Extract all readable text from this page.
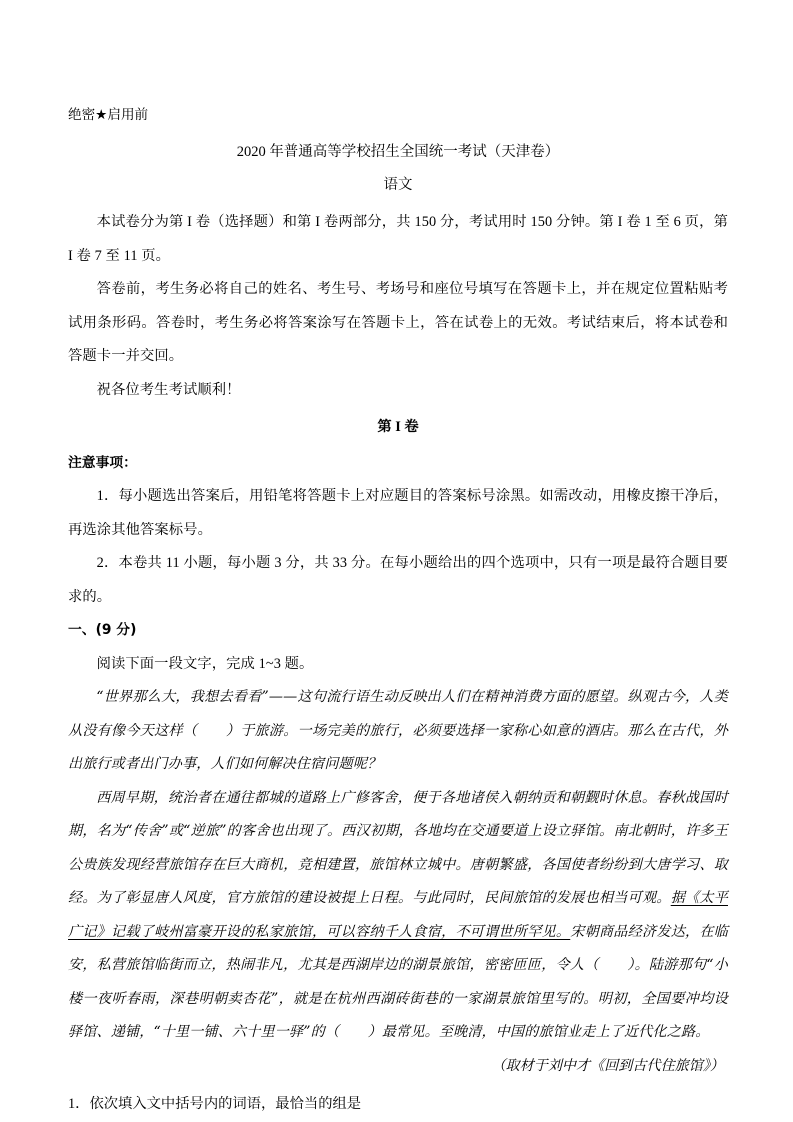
绝密★启用前

2020 年普通高等学校招生全国统一考试（天津卷）

语文

本试卷分为第 I 卷（选择题）和第 I 卷两部分，共 150 分，考试用时 150 分钟。第 I 卷 1 至 6 页，第 I 卷 7 至 11 页。

答卷前，考生务必将自己的姓名、考生号、考场号和座位号填写在答题卡上，并在规定位置粘贴考试用条形码。答卷时，考生务必将答案涂写在答题卡上，答在试卷上的无效。考试结束后，将本试卷和答题卡一并交回。

祝各位考生考试顺利！

第 I 卷

注意事项：

1．每小题选出答案后，用铅笔将答题卡上对应题目的答案标号涂黑。如需改动，用橡皮擦干净后，再选涂其他答案标号。

2．本卷共 11 小题，每小题 3 分，共 33 分。在每小题给出的四个选项中，只有一项是最符合题目要求的。

一、(9 分)

阅读下面一段文字，完成 1~3 题。

“世界那么大，我想去看看”——这句流行语生动反映出人们在精神消费方面的愿望。纵观古今，人类从没有像今天这样（　　 ）于旅游。一场完美的旅行，必须要选择一家称心如意的酒店。那么在古代，外出旅行或者出门办事，人们如何解决住宿问题呢？

西周早期，统治者在通往都城的道路上广修客舍，便于各地诸侯入朝纳贡和朝觐时休息。春秋战国时期，名为“传舍”或“逆旅”的客舍也出现了。西汉初期，各地均在交通要道上设立驿馆。南北朝时，许多王公贵族发现经营旅馆存在巨大商机，竞相建置，旅馆林立城中。唐朝繁盛，各国使者纷纷到大唐学习、取经。为了彰显唐人风度，官方旅馆的建设被提上日程。与此同时，民间旅馆的发展也相当可观。据《太平广记》记载了岐州富豪开设的私家旅馆，可以容纳千人食宿，不可谓世所罕见。宋朝商品经济发达，在临安，私营旅馆临街而立，热闹非凡，尤其是西湖岸边的湖景旅馆，密密匝匝，令人（　　 ）。陆游那句“小楼一夜听春雨，深巷明朝卖杏花”，就是在杭州西湖砖街巷的一家湖景旅馆里写的。明初，全国要冲均设驿馆、递铺，“十里一铺、六十里一驿”的（　　 ）最常见。至晚清，中国的旅馆业走上了近代化之路。

（取材于刘中才《回到古代住旅馆》）

1．依次填入文中括号内的词语，最恰当的组是
